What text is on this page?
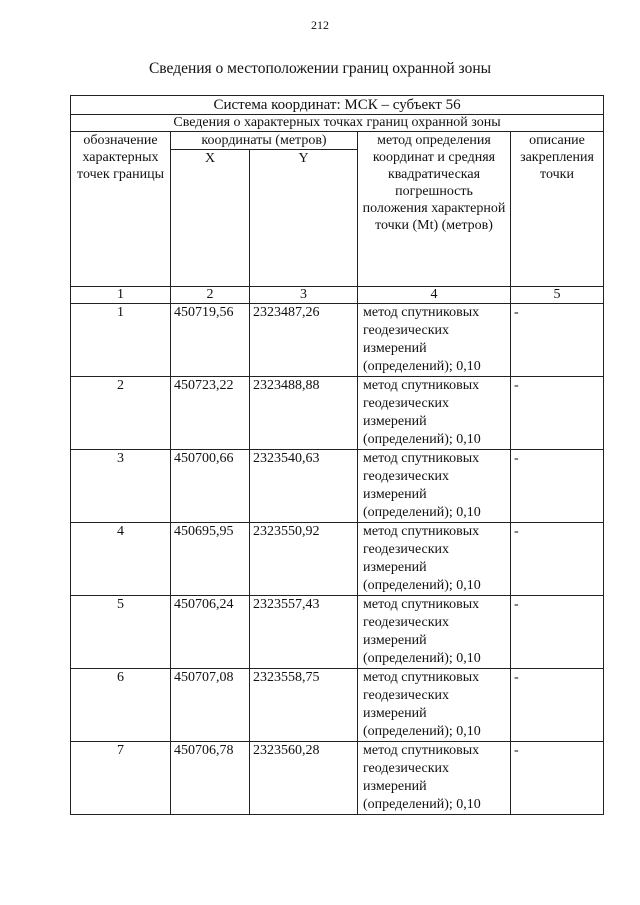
212
Сведения о местоположении границ охранной зоны
Система координат: МСК – субъект 56				
Сведения о характерных точках границ охранной зоны				
обозначение характерных точек границы	координаты (метров)		метод определения координат и средняя квадратическая погрешность положения характерной точки (Mt) (метров)	описание закрепления точки
	X	Y		
1	2	3	4	5
1	450719,56	2323487,26	метод спутниковых геодезических измерений (определений); 0,10	-
2	450723,22	2323488,88	метод спутниковых геодезических измерений (определений); 0,10	-
3	450700,66	2323540,63	метод спутниковых геодезических измерений (определений); 0,10	-
4	450695,95	2323550,92	метод спутниковых геодезических измерений (определений); 0,10	-
5	450706,24	2323557,43	метод спутниковых геодезических измерений (определений); 0,10	-
6	450707,08	2323558,75	метод спутниковых геодезических измерений (определений); 0,10	-
7	450706,78	2323560,28	метод спутниковых геодезических измерений (определений); 0,10	-
